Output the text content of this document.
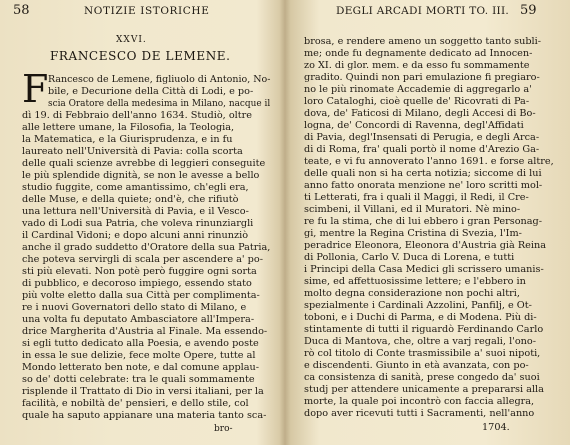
58	NOTIZIE ISTORICHE
XXVI.
FRANCESCO DE LEMENE.
F Rancesco de Lemene, figliuolo di Antonio, No-
bile, e Decurione della Città di Lodi, e po-
scia Oratore della medesima in Milano, nacque il
dì 19. di Febbraio dell'anno 1634. Studiò, oltre
alle lettere umane, la Filosofia, la Teologia,
la Matematica, e la Giurisprudenza, e in fu
laureato nell'Università di Pavia: colla scorta
delle quali scienze avrebbe di leggieri conseguite
le più splendide dignità, se non le avesse a bello
studio fuggite, come amantissimo, ch'egli era,
delle Muse, e della quiete; ond'è, che rifiutò
una lettura nell'Università di Pavia, e il Vesco-
vado di Lodi sua Patria, che voleva rinunziargli
il Cardinal Vidoni; e dopo alcuni anni rinunziò
anche il grado suddetto d'Oratore della sua Patria,
che poteva servirgli di scala per ascendere a' po-
sti più elevati. Non potè però fuggire ogni sorta
di pubblico, e decoroso impiego, essendo stato
più volte eletto dalla sua Città per complimenta-
re i nuovi Governatori dello stato di Milano, e
una volta fu deputato Ambasciatore all'Impera-
drice Margherita d'Austria al Finale. Ma essendo-
si egli tutto dedicato alla Poesia, e avendo poste
in essa le sue delizie, fece molte Opere, tutte al
Mondo letterato ben note, e dal comune applau-
so de' dotti celebrate: tra le quali sommamente
risplende il Trattato di Dio in versi italiani, per la
facilità, e nobiltà de' pensieri, e dello stile, col
quale ha saputo appianare una materia tanto sca-
bro-
DEGLI ARCADI MORTI TO. III. 59
brosa, e rendere ameno un soggetto tanto subli-
me; onde fu degnamente dedicato ad Innocen-
zo XI. di glor. mem. e da esso fu sommamente
gradito. Quindi non pari emulazione fi pregiaro-
no le più rinomate Accademie di aggregarlo a'
loro Cataloghi, cioè quelle de' Ricovrati di Pa-
dova, de' Faticosi di Milano, degli Accesi di Bo-
logna, de' Concordi di Ravenna, degl'Affidati
di Pavia, degl'Insensati di Perugia, e degli Arca-
di di Roma, fra' quali portò il nome d'Arezio Ga-
teate, e vi fu annoverato l'anno 1691. e forse altre,
delle quali non si ha certa notizia; siccome di lui
anno fatto onorata menzione ne' loro scritti mol-
ti Letterati, fra i quali il Maggi, il Redi, il Cre-
scimbeni, il Villani, ed il Muratori. Nè mino-
re fu la stima, che di lui ebbero i gran Personag-
gi, mentre la Regina Cristina di Svezia, l'Im-
peradrice Eleonora, Eleonora d'Austria già Reina
di Pollonia, Carlo V. Duca di Lorena, e tutti
i Principi della Casa Medici gli scrissero umanis-
sime, ed affettuosissime lettere; e l'ebbero in
molto degna considerazione non pochi altri,
spezialmente i Cardinali Azzolini, Panfilj, e Ot-
toboni, e i Duchi di Parma, e di Modena. Più di-
stintamente di tutti il riguardò Ferdinando Carlo
Duca di Mantova, che, oltre a varj regali, l'ono-
rò col titolo di Conte trasmissibile a' suoi nipoti,
e discendenti. Giunto in età avanzata, con po-
ca consistenza di sanità, prese congedo da' suoi
studj per attendere unicamente a prepararsi alla
morte, la quale poi incontrò con faccia allegra,
dopo aver ricevuti tutti i Sacramenti, nell'anno
1704.
